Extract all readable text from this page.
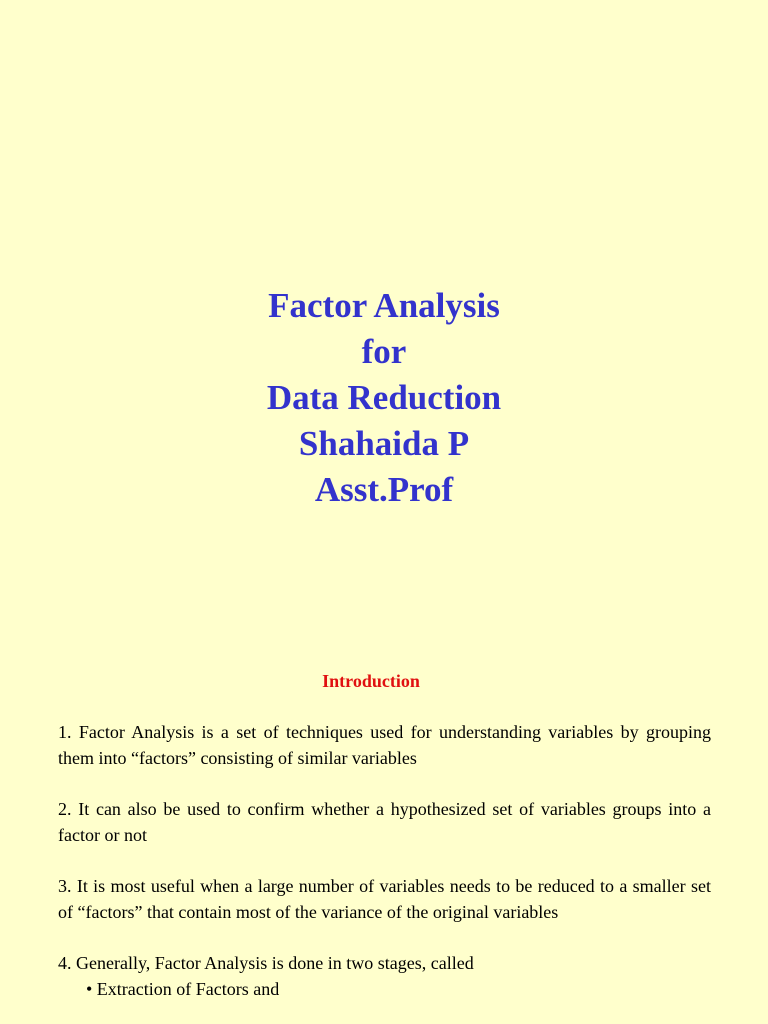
Factor Analysis
for
Data Reduction
Shahaida P
Asst.Prof
Introduction

1. Factor Analysis is a set of techniques used for understanding variables by grouping them into “factors” consisting of similar variables

2. It can also be used to confirm whether a hypothesized set of variables groups into a factor or not

3. It is most useful when a large number of variables needs to be reduced to a smaller set of “factors” that contain most of the variance of the original variables

4. Generally, Factor Analysis is done in two stages, called

• Extraction of Factors and
